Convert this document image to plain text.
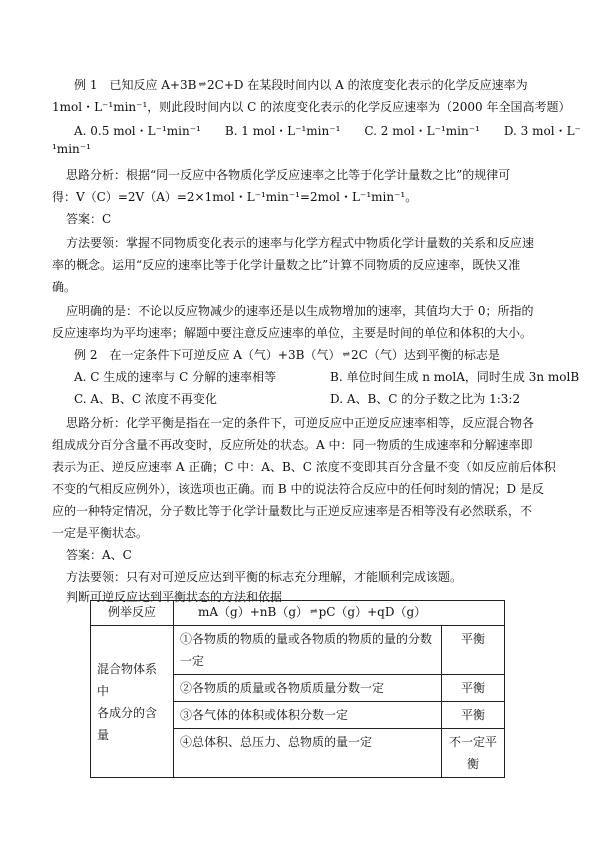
例 1　已知反应 A+3B ⇌ 2C+D 在某段时间内以 A 的浓度变化表示的化学反应速率为
1mol・L⁻¹min⁻¹，则此段时间内以 C 的浓度变化表示的化学反应速率为（2000 年全国高考题）
A. 0.5 mol・L⁻¹min⁻¹　　B. 1 mol・L⁻¹min⁻¹　　C. 2 mol・L⁻¹min⁻¹　　D. 3 mol・L⁻
¹min⁻¹
思路分析：根据“同一反应中各物质化学反应速率之比等于化学计量数之比”的规律可
得：V（C）=2V（A）=2×1mol・L⁻¹min⁻¹=2mol・L⁻¹min⁻¹。
答案：C
方法要领：掌握不同物质变化表示的速率与化学方程式中物质化学计量数的关系和反应速
率的概念。运用“反应的速率比等于化学计量数之比”计算不同物质的反应速率，既快又准
确。
应明确的是：不论以反应物减少的速率还是以生成物增加的速率，其值均大于 0；所指的
反应速率均为平均速率；解题中要注意反应速率的单位，主要是时间的单位和体积的大小。
例 2　在一定条件下可逆反应 A（气）+3B（气） ⇌ 2C（气）达到平衡的标志是
A. C 生成的速率与 C 分解的速率相等	B. 单位时间生成 n molA，同时生成 3n molB
C. A、B、C 浓度不再变化	D. A、B、C 的分子数之比为 1:3:2
思路分析：化学平衡是指在一定的条件下，可逆反应中正逆反应速率相等，反应混合物各
组成成分百分含量不再改变时，反应所处的状态。A 中：同一物质的生成速率和分解速率即
表示为正、逆反应速率 A 正确；C 中：A、B、C 浓度不变即其百分含量不变（如反应前后体积
不变的气相反应例外），该选项也正确。而 B 中的说法符合反应中的任何时刻的情况；D 是反
应的一种特定情况，分子数比等于化学计量数比与正逆反应速率是否相等没有必然联系，不
一定是平衡状态。
答案：A、C
方法要领：只有对可逆反应达到平衡的标志充分理解，才能顺利完成该题。
判断可逆反应达到平衡状态的方法和依据
例举反应	mA（g）+nB（g） ⇌ pC（g）+qD（g）	

混合物体系
中
各成分的含
量	①各物质的物质的量或各物质的物质的量的分数一定	平衡
	②各物质的质量或各物质质量分数一定	平衡
	③各气体的体积或体积分数一定	平衡
	④总体积、总压力、总物质的量一定	不一定平衡
